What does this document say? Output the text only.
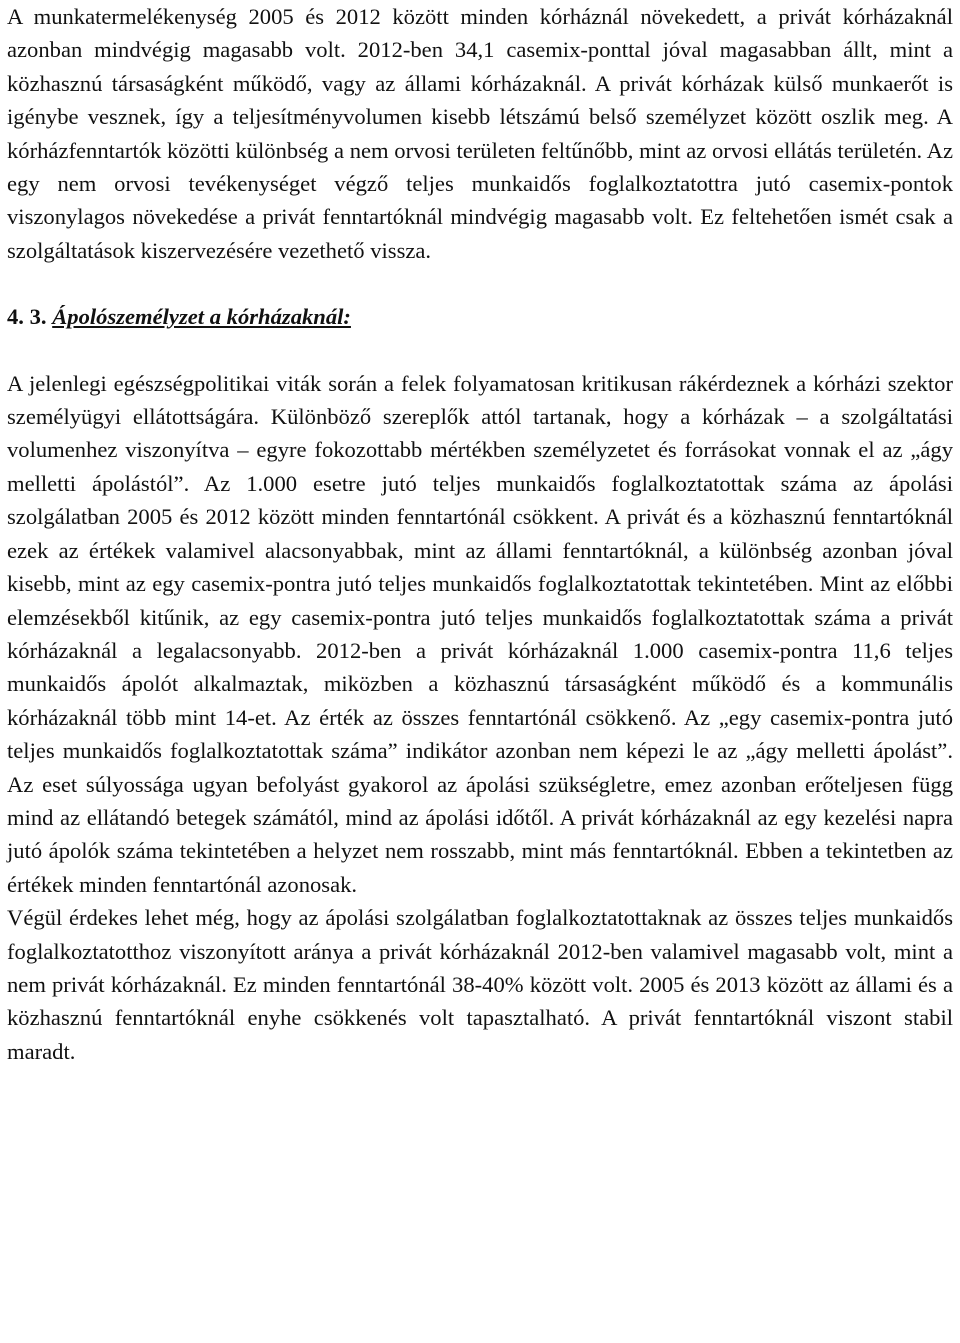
A munkatermelékenység 2005 és 2012 között minden kórháznál növekedett, a privát kórházaknál azonban mindvégig magasabb volt. 2012-ben 34,1 casemix-ponttal jóval magasabban állt, mint a közhasznú társaságként működő, vagy az állami kórházaknál. A privát kórházak külső munkaerőt is igénybe vesznek, így a teljesítményvolumen kisebb létszámú belső személyzet között oszlik meg. A kórházfenntartók közötti különbség a nem orvosi területen feltűnőbb, mint az orvosi ellátás területén. Az egy nem orvosi tevékenységet végző teljes munkaidős foglalkoztatottra jutó casemix-pontok viszonylagos növekedése a privát fenntartóknál mindvégig magasabb volt. Ez feltehetően ismét csak a szolgáltatások kiszervezésére vezethető vissza.

4. 3. Ápolószemélyzet a kórházaknál:

A jelenlegi egészségpolitikai viták során a felek folyamatosan kritikusan rákérdeznek a kórházi szektor személyügyi ellátottságára. Különböző szereplők attól tartanak, hogy a kórházak – a szolgáltatási volumenhez viszonyítva – egyre fokozottabb mértékben személyzetet és forrásokat vonnak el az „ágy melletti ápolástól”. Az 1.000 esetre jutó teljes munkaidős foglalkoztatottak száma az ápolási szolgálatban 2005 és 2012 között minden fenntartónál csökkent. A privát és a közhasznú fenntartóknál ezek az értékek valamivel alacsonyabbak, mint az állami fenntartóknál, a különbség azonban jóval kisebb, mint az egy casemix-pontra jutó teljes munkaidős foglalkoztatottak tekintetében. Mint az előbbi elemzésekből kitűnik, az egy casemix-pontra jutó teljes munkaidős foglalkoztatottak száma a privát kórházaknál a legalacsonyabb. 2012-ben a privát kórházaknál 1.000 casemix-pontra 11,6 teljes munkaidős ápolót alkalmaztak, miközben a közhasznú társaságként működő és a kommunális kórházaknál több mint 14-et. Az érték az összes fenntartónál csökkenő. Az „egy casemix-pontra jutó teljes munkaidős foglalkoztatottak száma” indikátor azonban nem képezi le az „ágy melletti ápolást”. Az eset súlyossága ugyan befolyást gyakorol az ápolási szükségletre, emez azonban erőteljesen függ mind az ellátandó betegek számától, mind az ápolási időtől. A privát kórházaknál az egy kezelési napra jutó ápolók száma tekintetében a helyzet nem rosszabb, mint más fenntartóknál. Ebben a tekintetben az értékek minden fenntartónál azonosak.

Végül érdekes lehet még, hogy az ápolási szolgálatban foglalkoztatottaknak az összes teljes munkaidős foglalkoztatotthoz viszonyított aránya a privát kórházaknál 2012-ben valamivel magasabb volt, mint a nem privát kórházaknál. Ez minden fenntartónál 38-40% között volt. 2005 és 2013 között az állami és a közhasznú fenntartóknál enyhe csökkenés volt tapasztalható. A privát fenntartóknál viszont stabil maradt.
